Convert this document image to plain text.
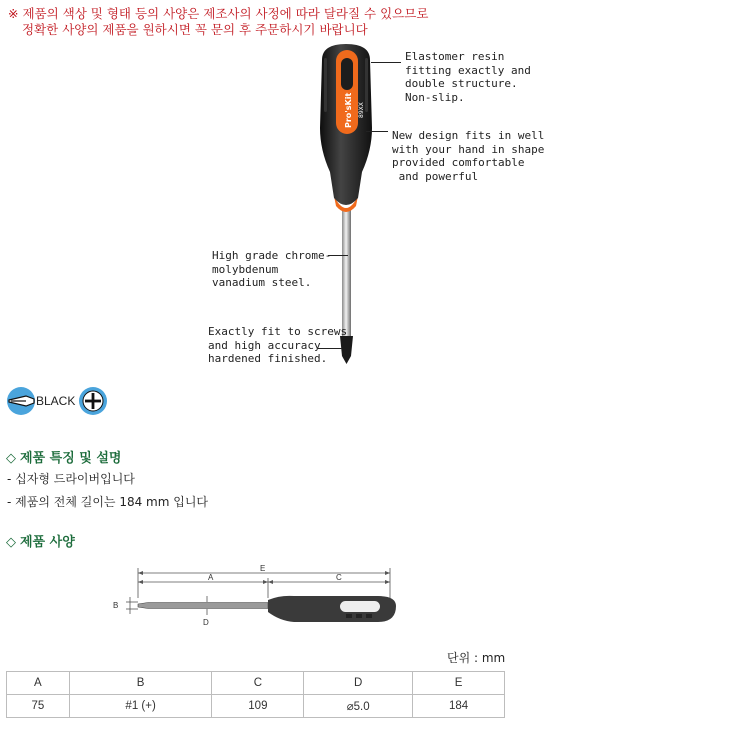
※ 제품의 색상 및 형태 등의 사양은 제조사의 사정에 따라 달라질 수 있으므로
정확한 사양의 제품을 원하시면 꼭 문의 후 주문하시기 바랍니다
Pro'sKit 89XX
Elastomer resin
fitting exactly and
double structure.
Non-slip.
New design fits in well
with your hand in shape
provided comfortable
and powerful
High grade chrome-
molybdenum
vanadium steel.
Exactly fit to screws
and high accuracy
hardened finished.
BLACK
◇ 제품 특징 및 설명
- 십자형 드라이버입니다
- 제품의 전체 길이는 184 mm 입니다
◇ 제품 사양
E
A	C
B
D
단위 : mm
A	B	C	D	E
75	#1 (+)	109	⌀5.0	184
